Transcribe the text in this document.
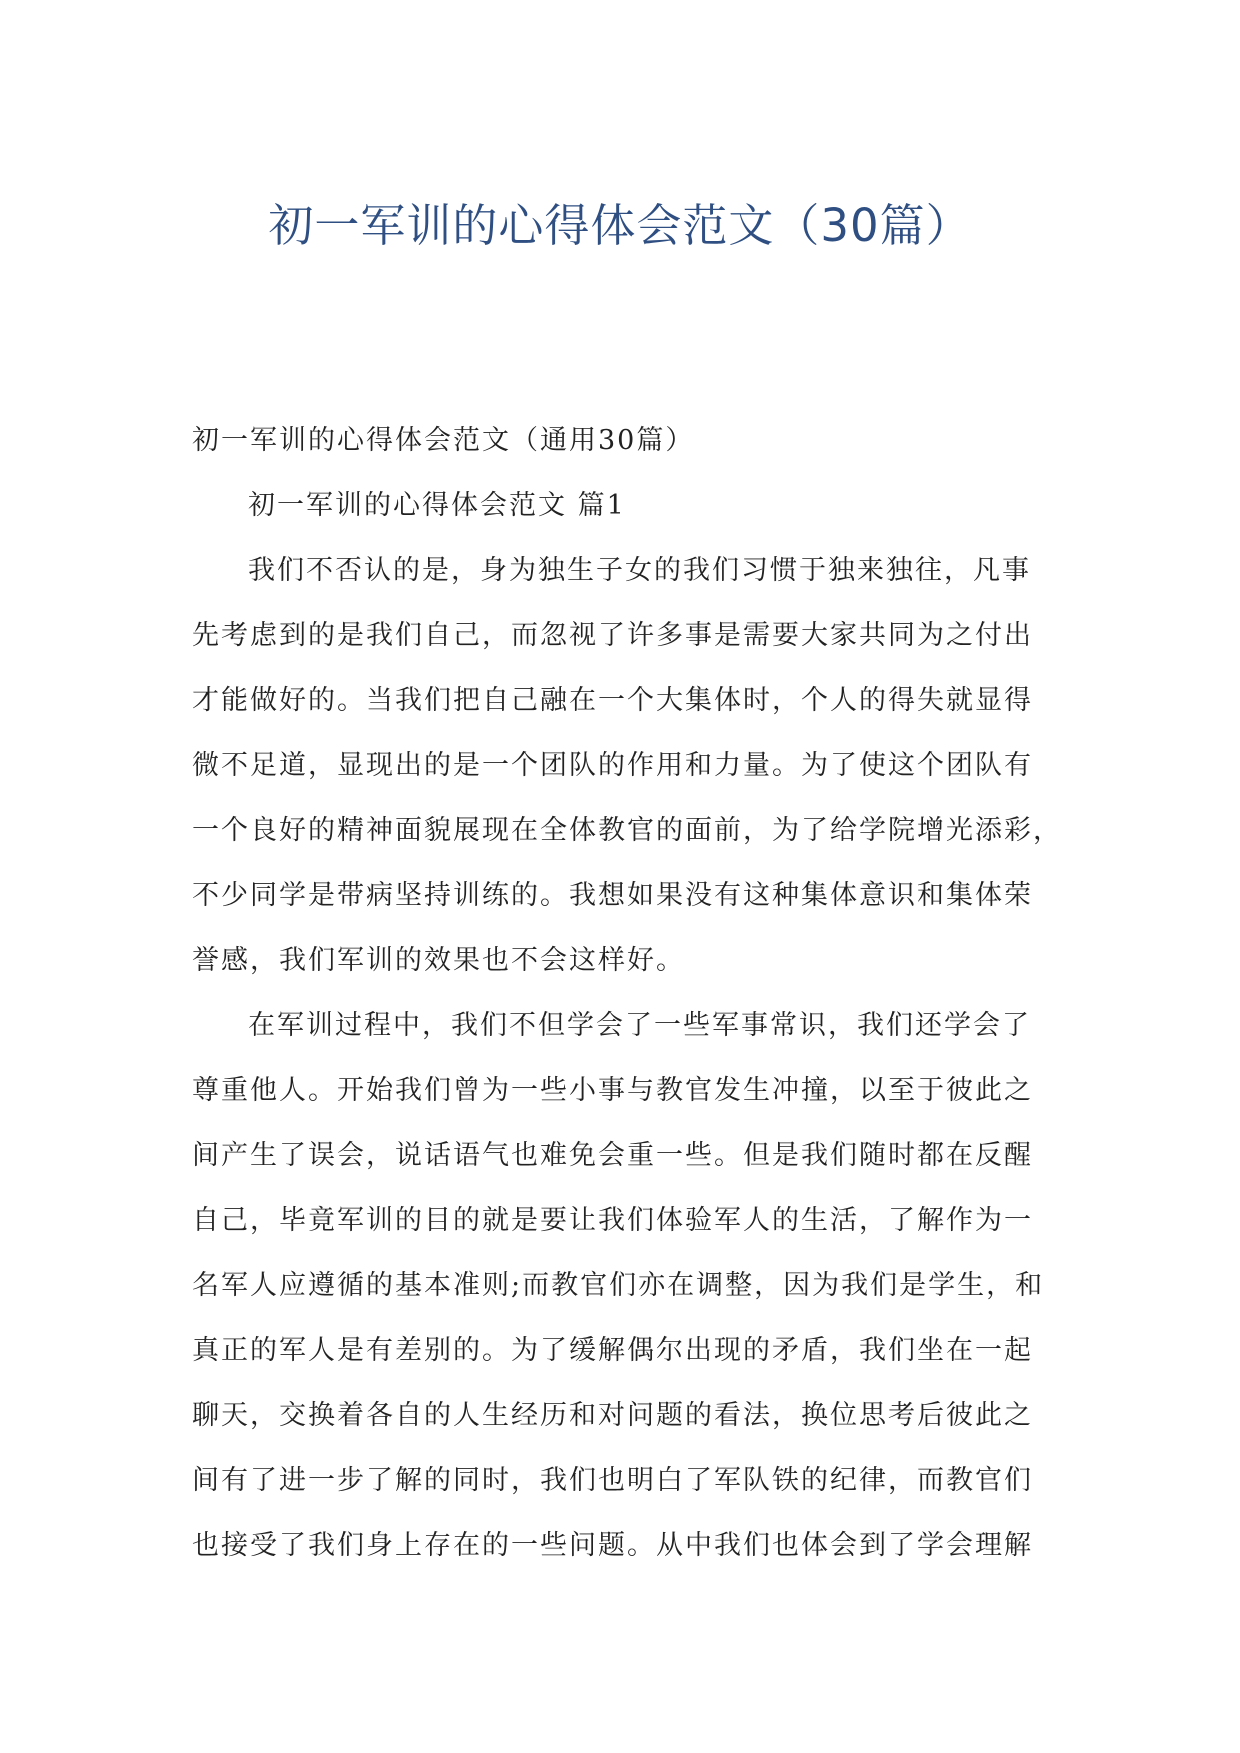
初一军训的心得体会范文（30篇）
初一军训的心得体会范文（通用30篇）
初一军训的心得体会范文 篇1
我们不否认的是，身为独生子女的我们习惯于独来独往，凡事
先考虑到的是我们自己，而忽视了许多事是需要大家共同为之付出
才能做好的。当我们把自己融在一个大集体时，个人的得失就显得
微不足道，显现出的是一个团队的作用和力量。为了使这个团队有
一个良好的精神面貌展现在全体教官的面前，为了给学院增光添彩，
不少同学是带病坚持训练的。我想如果没有这种集体意识和集体荣
誉感，我们军训的效果也不会这样好。
在军训过程中，我们不但学会了一些军事常识，我们还学会了
尊重他人。开始我们曾为一些小事与教官发生冲撞，以至于彼此之
间产生了误会，说话语气也难免会重一些。但是我们随时都在反醒
自己，毕竟军训的目的就是要让我们体验军人的生活，了解作为一
名军人应遵循的基本准则;而教官们亦在调整，因为我们是学生，和
真正的军人是有差别的。为了缓解偶尔出现的矛盾，我们坐在一起
聊天，交换着各自的人生经历和对问题的看法，换位思考后彼此之
间有了进一步了解的同时，我们也明白了军队铁的纪律，而教官们
也接受了我们身上存在的一些问题。从中我们也体会到了学会理解
